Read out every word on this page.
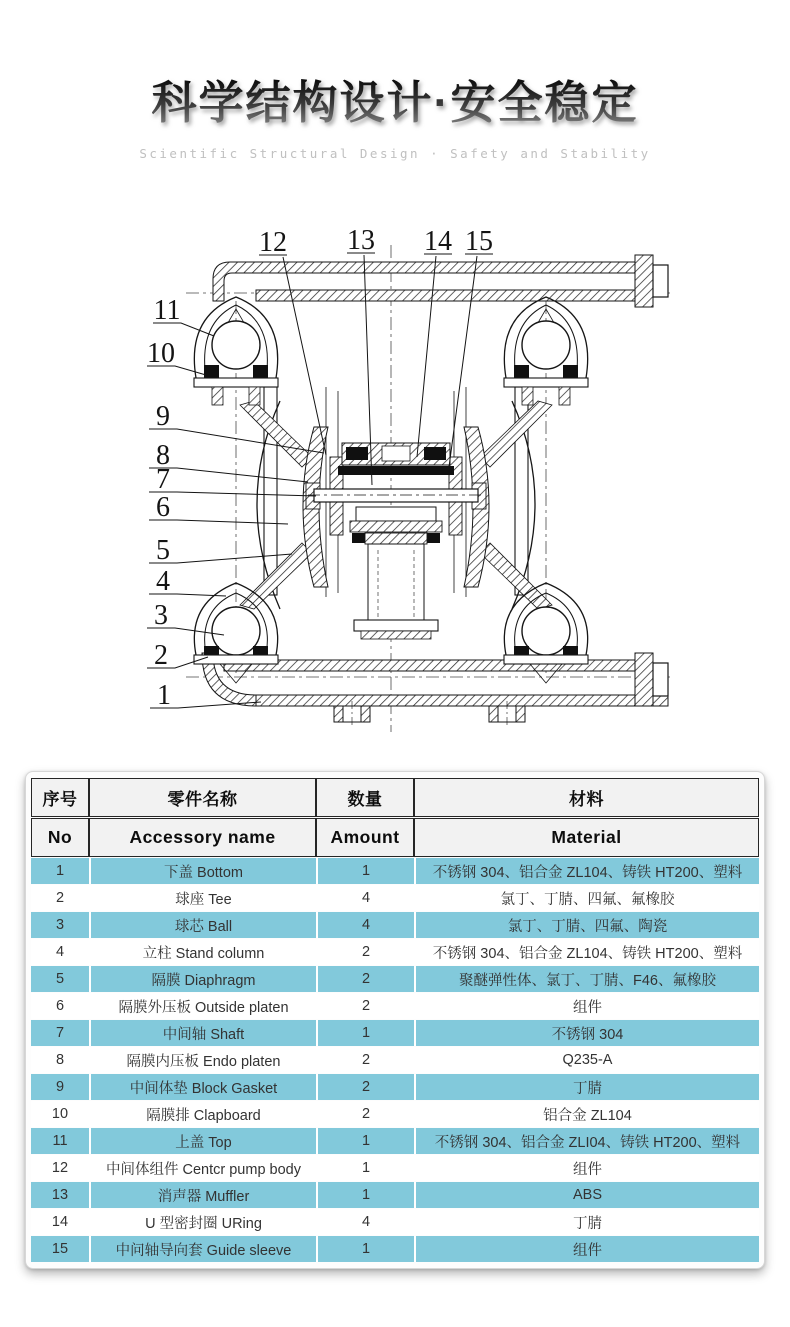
科学结构设计·安全稳定
Scientific Structural Design · Safety and Stability
1
2
3
4
5
6
7
8
9
10
11
12 13 14 15
序号	零件名称	数量	材料
No	Accessory name	Amount	Material
1	下盖 Bottom	1	不锈钢 304、铝合金 ZL104、铸铁 HT200、塑料
2	球座 Tee	4	氯丁、丁腈、四氟、氟橡胶
3	球芯 Ball	4	氯丁、丁腈、四氟、陶瓷
4	立柱 Stand column	2	不锈钢 304、铝合金 ZL104、铸铁 HT200、塑料
5	隔膜 Diaphragm	2	聚醚弹性体、氯丁、丁腈、F46、氟橡胶
6	隔膜外压板 Outside platen	2	组件
7	中间轴 Shaft	1	不锈钢 304
8	隔膜内压板 Endo platen	2	Q235-A
9	中间体垫 Block Gasket	2	丁腈
10	隔膜排 Clapboard	2	铝合金 ZL104
11	上盖 Top	1	不锈钢 304、铝合金 ZLI04、铸铁 HT200、塑料
12	中间体组件 Centcr pump body	1	组件
13	消声器 Muffler	1	ABS
14	U 型密封圈 URing	4	丁腈
15	中问轴导向套 Guide sleeve	1	组件
